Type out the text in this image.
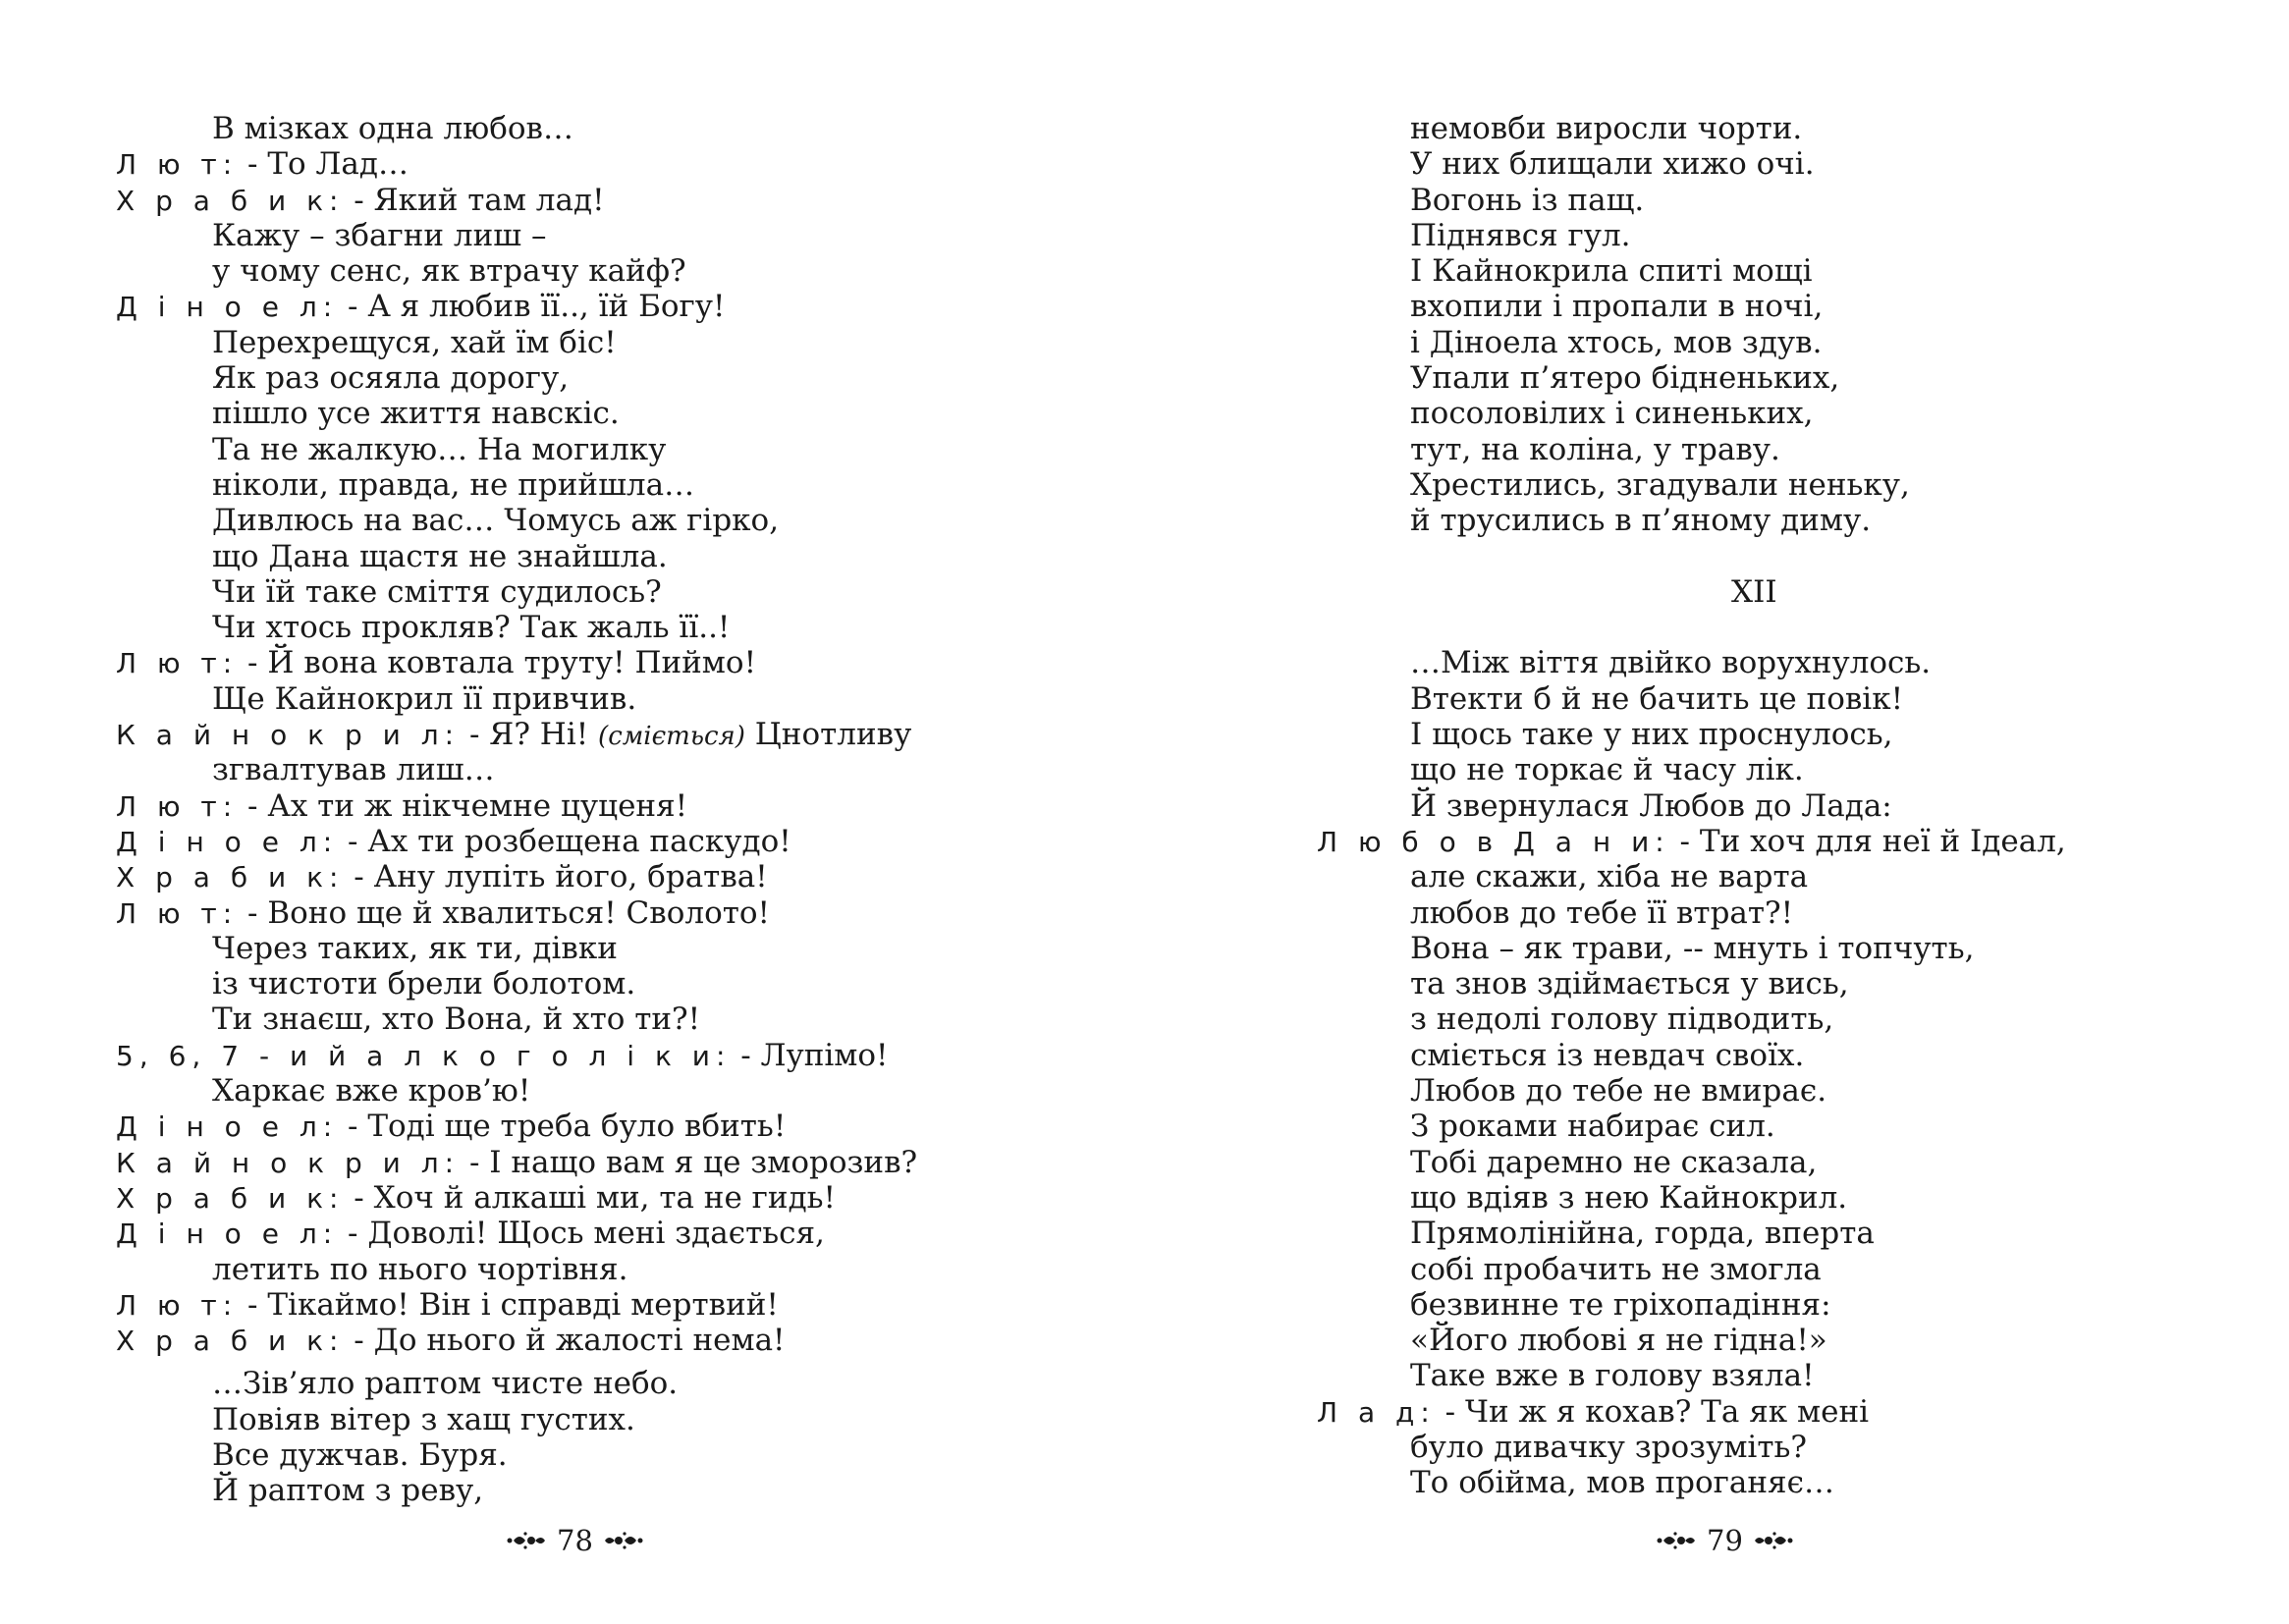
В мізках одна любов…
Л ю т: - То Лад…
Х р а б и к: - Який там лад!
Кажу – збагни лиш –
у чому сенс, як втрачу кайф?
Д і н о е л: - А я любив її.., їй Богу!
Перехрещуся, хай їм біс!
Як раз осяяла дорогу,
пішло усе життя навскіс.
Та не жалкую… На могилку
ніколи, правда, не прийшла…
Дивлюсь на вас… Чомусь аж гірко,
що Дана щастя не знайшла.
Чи їй таке сміття судилось?
Чи хтось прокляв? Так жаль її..!
Л ю т: - Й вона ковтала труту! Пиймо!
Ще Кайнокрил її привчив.
К а й н о к р и л: - Я? Ні! (сміється) Цнотливу
згвалтував лиш…
Л ю т: - Ах ти ж нікчемне цуценя!
Д і н о е л: - Ах ти розбещена паскудо!
Х р а б и к: - Ану лупіть його, братва!
Л ю т: - Воно ще й хвалиться! Сволото!
Через таких, як ти, дівки
із чистоти брели болотом.
Ти знаєш, хто Вона, й хто ти?!
5, 6, 7 - и й а л к о г о л і к и: - Лупімо!
Харкає вже кров’ю!
Д і н о е л: - Тоді ще треба було вбить!
К а й н о к р и л: - І нащо вам я це зморозив?
Х р а б и к: - Хоч й алкаші ми, та не гидь!
Д і н о е л: - Доволі! Щось мені здається,
летить по нього чортівня.
Л ю т: - Тікаймо! Він і справді мертвий!
Х р а б и к: - До нього й жалості нема!
…Зів’яло раптом чисте небо.
Повіяв вітер з хащ густих.
Все дужчав. Буря.
Й раптом з реву,
78
немовби виросли чорти.
У них блищали хижо очі.
Вогонь із пащ.
Піднявся гул.
І Кайнокрила спиті мощі
вхопили і пропали в ночі,
і Діноела хтось, мов здув.
Упали п’ятеро бідненьких,
посоловілих і синеньких,
тут, на коліна, у траву.
Хрестились, згадували неньку,
й трусились в п’яному диму.
XII
…Між віття двійко ворухнулось.
Втекти б й не бачить це повік!
І щось таке у них проснулось,
що не торкає й часу лік.
Й звернулася Любов до Лада:
Л ю б о в Д а н и: - Ти хоч для неї й Ідеал,
але скажи, хіба не варта
любов до тебе її втрат?!
Вона – як трави, -- мнуть і топчуть,
та знов здіймається у вись,
з недолі голову підводить,
сміється із невдач своїх.
Любов до тебе не вмирає.
З роками набирає сил.
Тобі даремно не сказала,
що вдіяв з нею Кайнокрил.
Прямолінійна, горда, вперта
собі пробачить не змогла
безвинне те гріхопадіння:
«Його любові я не гідна!»
Таке вже в голову взяла!
Л а д: - Чи ж я кохав? Та як мені
було дивачку зрозуміть?
То обійма, мов проганяє…
79
